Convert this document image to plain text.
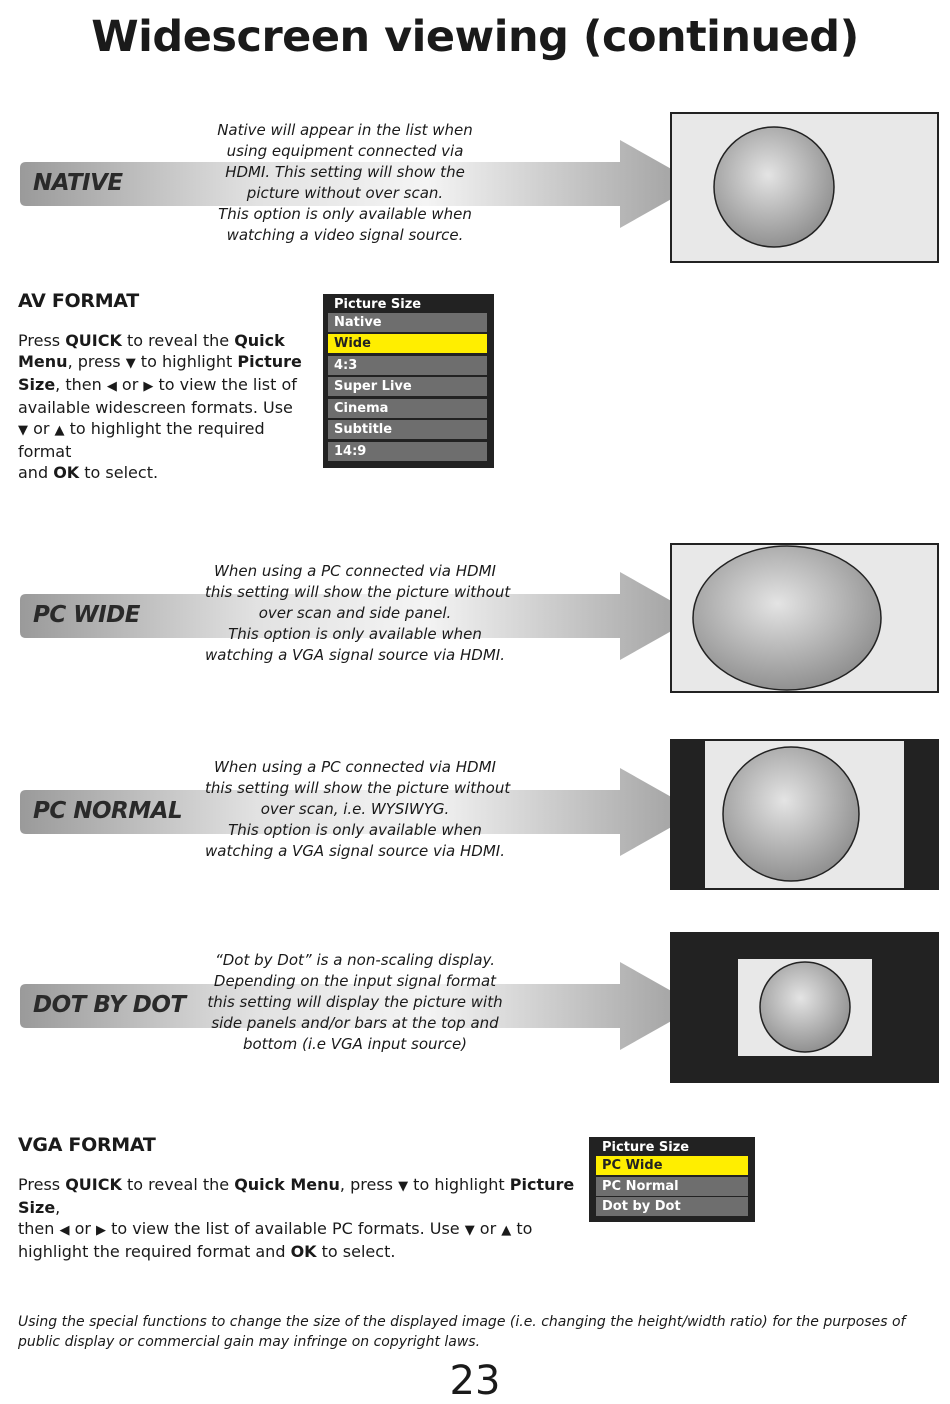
Widescreen viewing (continued)
NATIVE
Native will appear in the list when
using equipment connected via
HDMI. This setting will show the
picture without over scan.
This option is only available when
watching a video signal source.
AV FORMAT
Press QUICK to reveal the Quick
Menu, press ▼ to highlight Picture
Size, then ◀ or ▶ to view the list of
available widescreen formats. Use
▼ or ▲ to highlight the required format
and OK to select.
Picture Size
Native
Wide
4:3
Super Live
Cinema
Subtitle
14:9
PC WIDE
When using a PC connected via HDMI
this setting will show the picture without
over scan and side panel.
This option is only available when
watching a VGA signal source via HDMI.
PC NORMAL
When using a PC connected via HDMI
this setting will show the picture without
over scan, i.e. WYSIWYG.
This option is only available when
watching a VGA signal source via HDMI.
DOT BY DOT
“Dot by Dot” is a non-scaling display.
Depending on the input signal format
this setting will display the picture with
side panels and/or bars at the top and
bottom (i.e VGA input source)
VGA FORMAT
Press QUICK to reveal the Quick Menu, press ▼ to highlight Picture Size,
then ◀ or ▶ to view the list of available PC formats. Use ▼ or ▲ to
highlight the required format and OK to select.
Picture Size
PC Wide
PC Normal
Dot by Dot
Using the special functions to change the size of the displayed image (i.e. changing the height/width ratio) for the purposes of public display or commercial gain may infringe on copyright laws.
23
